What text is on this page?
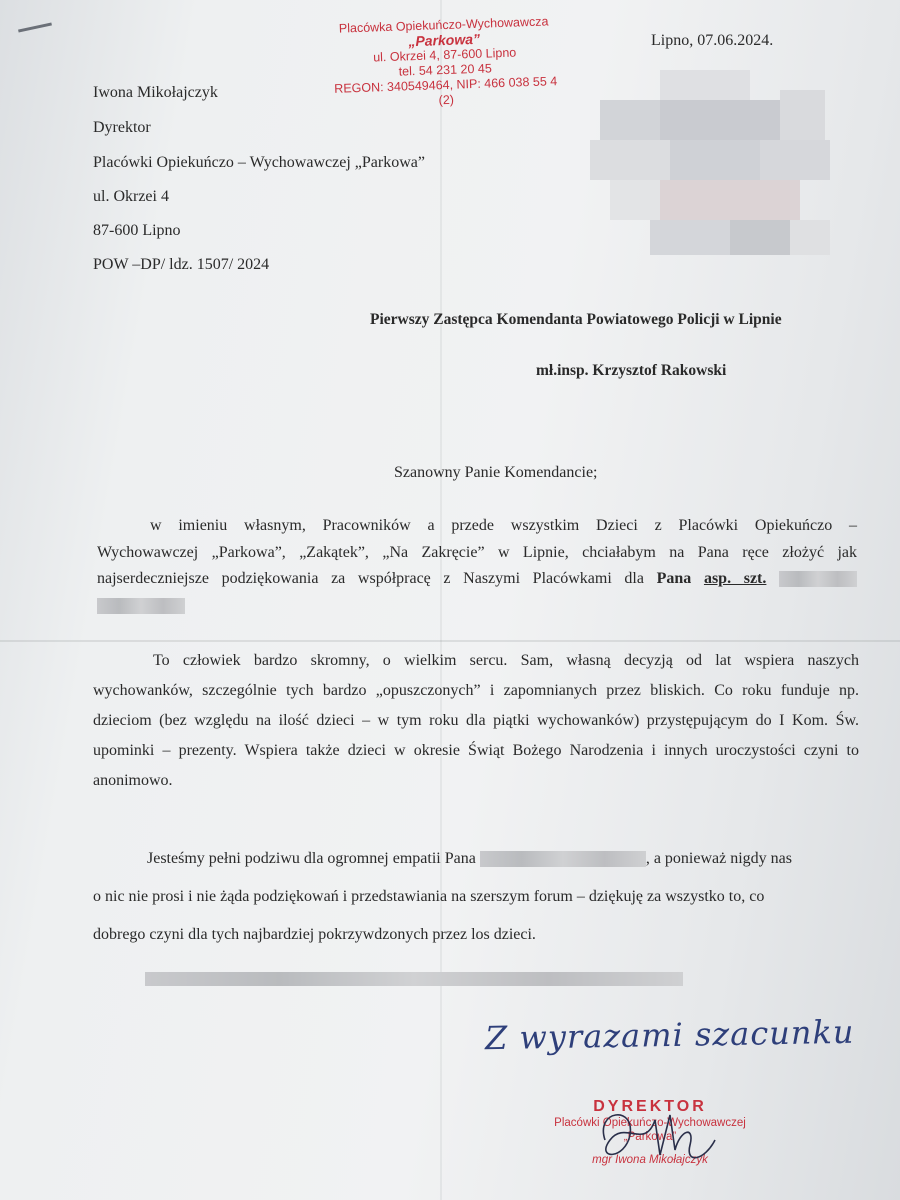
Placówka Opiekuńczo-Wychowawcza
„Parkowa”
ul. Okrzei 4, 87-600 Lipno
tel. 54 231 20 45
REGON: 340549464, NIP: 466 038 55 4
(2)
Lipno, 07.06.2024.
Iwona Mikołajczyk
Dyrektor
Placówki Opiekuńczo – Wychowawczej „Parkowa”
ul. Okrzei 4
87-600 Lipno
POW –DP/ ldz. 1507/ 2024
Pierwszy Zastępca Komendanta Powiatowego Policji w Lipnie
mł.insp. Krzysztof Rakowski
Szanowny Panie Komendancie;
w imieniu własnym, Pracowników a przede wszystkim Dzieci z Placówki Opiekuńczo –
Wychowawczej „Parkowa”, „Zakątek”, „Na Zakręcie” w Lipnie, chciałabym na Pana ręce złożyć jak
najserdeczniejsze podziękowania za współpracę z Naszymi Placówkami dla Pana asp. szt.
To człowiek bardzo skromny, o wielkim sercu. Sam, własną decyzją od lat wspiera naszych
wychowanków, szczególnie tych bardzo „opuszczonych” i zapomnianych przez bliskich. Co roku funduje np.
dzieciom (bez względu na ilość dzieci – w tym roku dla piątki wychowanków) przystępującym do I Kom. Św.
upominki – prezenty. Wspiera także dzieci w okresie Świąt Bożego Narodzenia i innych uroczystości czyni to
anonimowo.
Jesteśmy pełni podziwu dla ogromnej empatii Pana	, a ponieważ nigdy nas
o nic nie prosi i nie żąda podziękowań i przedstawiania na szerszym forum – dziękuję za wszystko to, co
dobrego czyni dla tych najbardziej pokrzywdzonych przez los dzieci.
Z wyrazami szacunku
DYREKTOR
Placówki Opiekuńczo-Wychowawczej
„Parkowa”
mgr Iwona Mikołajczyk
